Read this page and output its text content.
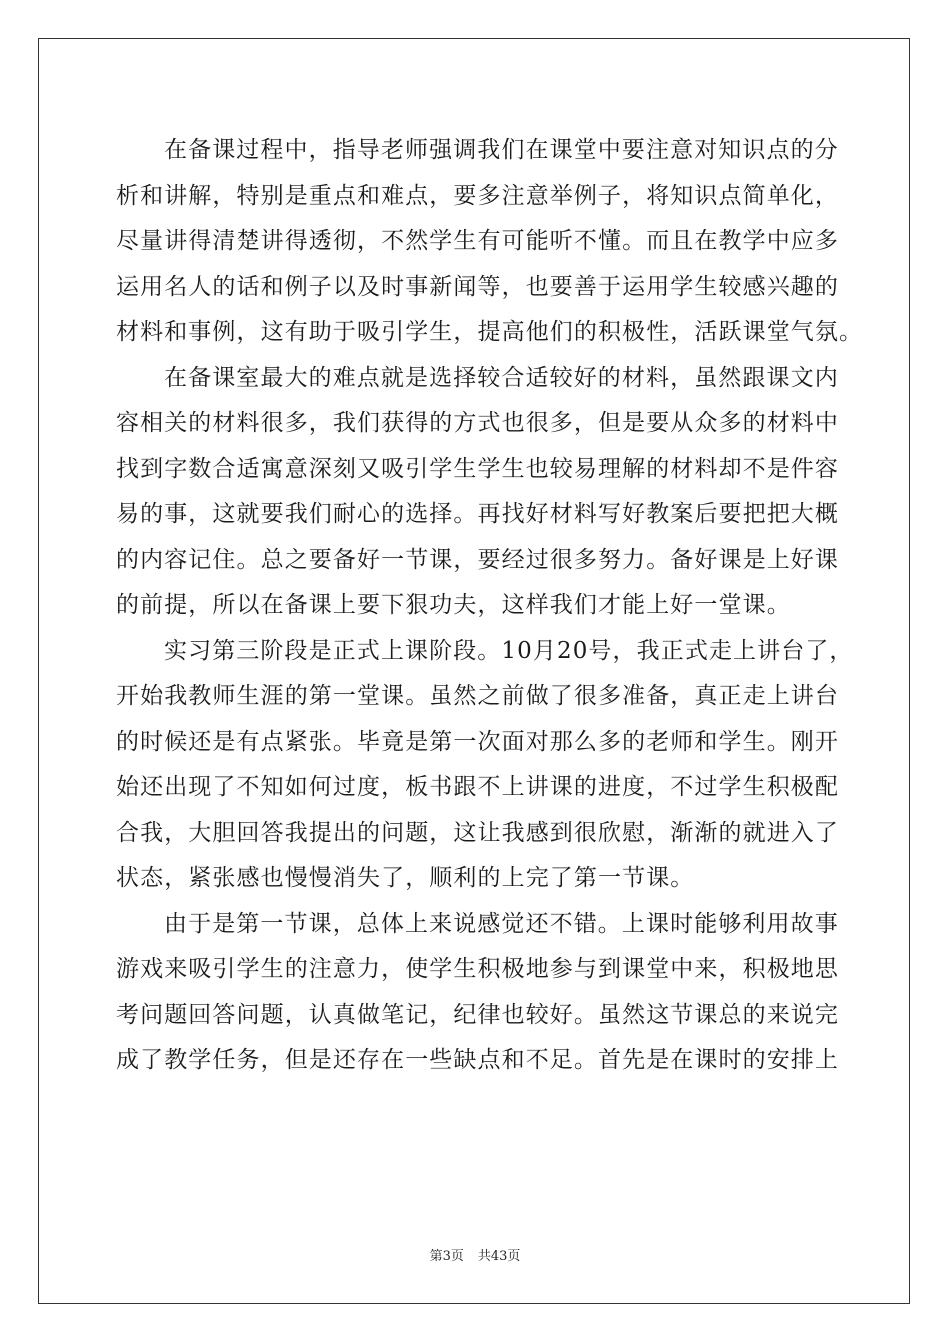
在备课过程中，指导老师强调我们在课堂中要注意对知识点的分
析和讲解，特别是重点和难点，要多注意举例子，将知识点简单化，
尽量讲得清楚讲得透彻，不然学生有可能听不懂。而且在教学中应多
运用名人的话和例子以及时事新闻等，也要善于运用学生较感兴趣的
材料和事例，这有助于吸引学生，提高他们的积极性，活跃课堂气氛。
在备课室最大的难点就是选择较合适较好的材料，虽然跟课文内
容相关的材料很多，我们获得的方式也很多，但是要从众多的材料中
找到字数合适寓意深刻又吸引学生学生也较易理解的材料却不是件容
易的事，这就要我们耐心的选择。再找好材料写好教案后要把把大概
的内容记住。总之要备好一节课，要经过很多努力。备好课是上好课
的前提，所以在备课上要下狠功夫，这样我们才能上好一堂课。
实习第三阶段是正式上课阶段。10月20号，我正式走上讲台了，
开始我教师生涯的第一堂课。虽然之前做了很多准备，真正走上讲台
的时候还是有点紧张。毕竟是第一次面对那么多的老师和学生。刚开
始还出现了不知如何过度，板书跟不上讲课的进度，不过学生积极配
合我，大胆回答我提出的问题，这让我感到很欣慰，渐渐的就进入了
状态，紧张感也慢慢消失了，顺利的上完了第一节课。
由于是第一节课，总体上来说感觉还不错。上课时能够利用故事
游戏来吸引学生的注意力，使学生积极地参与到课堂中来，积极地思
考问题回答问题，认真做笔记，纪律也较好。虽然这节课总的来说完
成了教学任务，但是还存在一些缺点和不足。首先是在课时的安排上
第3页 共43页
